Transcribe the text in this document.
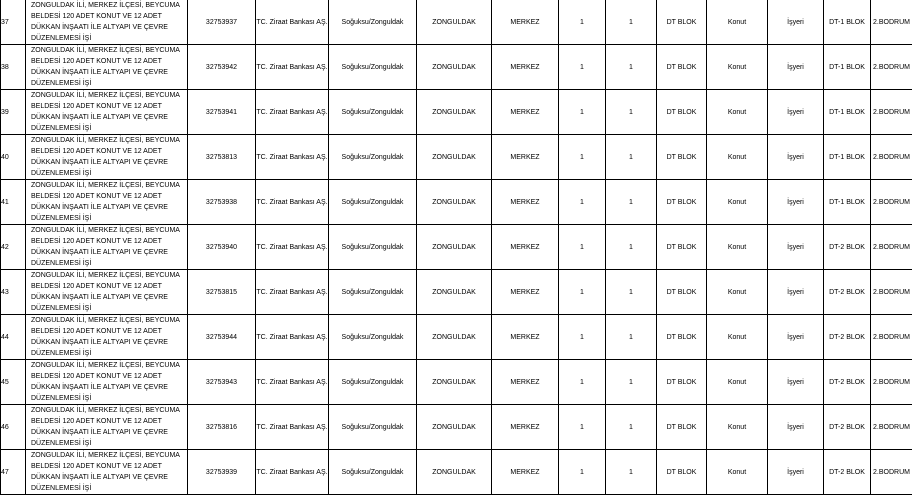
37	ZONGULDAK İLİ, MERKEZ İLÇESİ, BEYCUMA BELDESİ 120 ADET KONUT VE 12 ADET DÜKKAN İNŞAATI İLE ALTYAPI VE ÇEVRE DÜZENLEMESİ İŞİ	32753937	TC. Ziraat Bankası AŞ.	Soğuksu/Zonguldak	ZONGULDAK	MERKEZ	1	1	DT BLOK	Konut	İşyeri	DT-1 BLOK	2.BODRUM
38	ZONGULDAK İLİ, MERKEZ İLÇESİ, BEYCUMA BELDESİ 120 ADET KONUT VE 12 ADET DÜKKAN İNŞAATI İLE ALTYAPI VE ÇEVRE DÜZENLEMESİ İŞİ	32753942	TC. Ziraat Bankası AŞ.	Soğuksu/Zonguldak	ZONGULDAK	MERKEZ	1	1	DT BLOK	Konut	İşyeri	DT-1 BLOK	2.BODRUM
39	ZONGULDAK İLİ, MERKEZ İLÇESİ, BEYCUMA BELDESİ 120 ADET KONUT VE 12 ADET DÜKKAN İNŞAATI İLE ALTYAPI VE ÇEVRE DÜZENLEMESİ İŞİ	32753941	TC. Ziraat Bankası AŞ.	Soğuksu/Zonguldak	ZONGULDAK	MERKEZ	1	1	DT BLOK	Konut	İşyeri	DT-1 BLOK	2.BODRUM
40	ZONGULDAK İLİ, MERKEZ İLÇESİ, BEYCUMA BELDESİ 120 ADET KONUT VE 12 ADET DÜKKAN İNŞAATI İLE ALTYAPI VE ÇEVRE DÜZENLEMESİ İŞİ	32753813	TC. Ziraat Bankası AŞ.	Soğuksu/Zonguldak	ZONGULDAK	MERKEZ	1	1	DT BLOK	Konut	İşyeri	DT-1 BLOK	2.BODRUM
41	ZONGULDAK İLİ, MERKEZ İLÇESİ, BEYCUMA BELDESİ 120 ADET KONUT VE 12 ADET DÜKKAN İNŞAATI İLE ALTYAPI VE ÇEVRE DÜZENLEMESİ İŞİ	32753938	TC. Ziraat Bankası AŞ.	Soğuksu/Zonguldak	ZONGULDAK	MERKEZ	1	1	DT BLOK	Konut	İşyeri	DT-1 BLOK	2.BODRUM
42	ZONGULDAK İLİ, MERKEZ İLÇESİ, BEYCUMA BELDESİ 120 ADET KONUT VE 12 ADET DÜKKAN İNŞAATI İLE ALTYAPI VE ÇEVRE DÜZENLEMESİ İŞİ	32753940	TC. Ziraat Bankası AŞ.	Soğuksu/Zonguldak	ZONGULDAK	MERKEZ	1	1	DT BLOK	Konut	İşyeri	DT-2 BLOK	2.BODRUM
43	ZONGULDAK İLİ, MERKEZ İLÇESİ, BEYCUMA BELDESİ 120 ADET KONUT VE 12 ADET DÜKKAN İNŞAATI İLE ALTYAPI VE ÇEVRE DÜZENLEMESİ İŞİ	32753815	TC. Ziraat Bankası AŞ.	Soğuksu/Zonguldak	ZONGULDAK	MERKEZ	1	1	DT BLOK	Konut	İşyeri	DT-2 BLOK	2.BODRUM
44	ZONGULDAK İLİ, MERKEZ İLÇESİ, BEYCUMA BELDESİ 120 ADET KONUT VE 12 ADET DÜKKAN İNŞAATI İLE ALTYAPI VE ÇEVRE DÜZENLEMESİ İŞİ	32753944	TC. Ziraat Bankası AŞ.	Soğuksu/Zonguldak	ZONGULDAK	MERKEZ	1	1	DT BLOK	Konut	İşyeri	DT-2 BLOK	2.BODRUM
45	ZONGULDAK İLİ, MERKEZ İLÇESİ, BEYCUMA BELDESİ 120 ADET KONUT VE 12 ADET DÜKKAN İNŞAATI İLE ALTYAPI VE ÇEVRE DÜZENLEMESİ İŞİ	32753943	TC. Ziraat Bankası AŞ.	Soğuksu/Zonguldak	ZONGULDAK	MERKEZ	1	1	DT BLOK	Konut	İşyeri	DT-2 BLOK	2.BODRUM
46	ZONGULDAK İLİ, MERKEZ İLÇESİ, BEYCUMA BELDESİ 120 ADET KONUT VE 12 ADET DÜKKAN İNŞAATI İLE ALTYAPI VE ÇEVRE DÜZENLEMESİ İŞİ	32753816	TC. Ziraat Bankası AŞ.	Soğuksu/Zonguldak	ZONGULDAK	MERKEZ	1	1	DT BLOK	Konut	İşyeri	DT-2 BLOK	2.BODRUM
47	ZONGULDAK İLİ, MERKEZ İLÇESİ, BEYCUMA BELDESİ 120 ADET KONUT VE 12 ADET DÜKKAN İNŞAATI İLE ALTYAPI VE ÇEVRE DÜZENLEMESİ İŞİ	32753939	TC. Ziraat Bankası AŞ.	Soğuksu/Zonguldak	ZONGULDAK	MERKEZ	1	1	DT BLOK	Konut	İşyeri	DT-2 BLOK	2.BODRUM
